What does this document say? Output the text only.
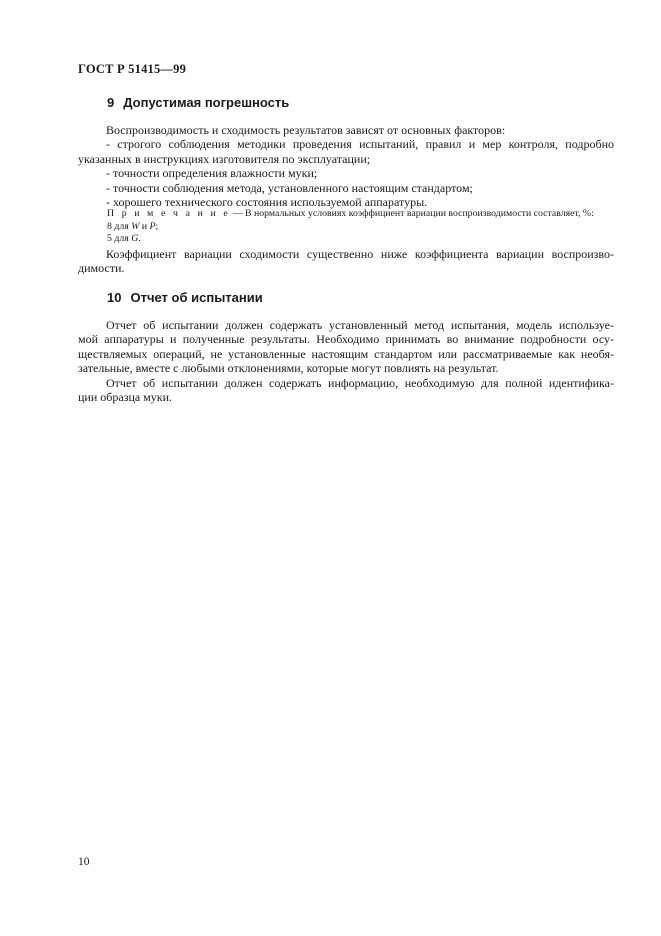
ГОСТ Р 51415—99
9 Допустимая погрешность
Воспроизводимость и сходимость результатов зависят от основных факторов:
- строгого соблюдения методики проведения испытаний, правил и мер контроля, подробно
указанных в инструкциях изготовителя по эксплуатации;
- точности определения влажности муки;
- точности соблюдения метода, установленного настоящим стандартом;
- хорошего технического состояния используемой аппаратуры.
П р и м е ч а н и е — В нормальных условиях коэффициент вариации воспроизводимости составляет, %:
8 для W и P;
5 для G.
Коэффициент вариации сходимости существенно ниже коэффициента вариации воспроизво-
димости.
10 Отчет об испытании
Отчет об испытании должен содержать установленный метод испытания, модель используе-
мой аппаратуры и полученные результаты. Необходимо принимать во внимание подробности осу-
ществляемых операций, не установленные настоящим стандартом или рассматриваемые как необя-
зательные, вместе с любыми отклонениями, которые могут повлиять на результат.
Отчет об испытании должен содержать информацию, необходимую для полной идентифика-
ции образца муки.
10
